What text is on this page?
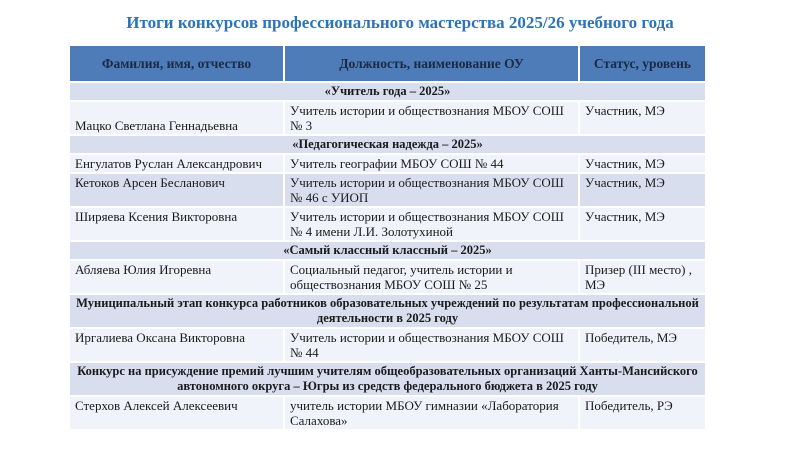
Итоги конкурсов профессионального мастерства 2025/26 учебного года
Фамилия, имя, отчество	Должность, наименование ОУ	Статус, уровень
«Учитель года – 2025»		
Мацко Светлана Геннадьевна	Учитель истории и обществознания МБОУ СОШ № 3	Участник, МЭ
«Педагогическая надежда – 2025»		
Енгулатов Руслан Александрович	Учитель географии МБОУ СОШ № 44	Участник, МЭ
Кетоков Арсен Бесланович	Учитель истории и обществознания МБОУ СОШ № 46 с УИОП	Участник, МЭ
Ширяева Ксения Викторовна	Учитель истории и обществознания МБОУ СОШ № 4 имени Л.И. Золотухиной	Участник, МЭ
«Самый классный классный – 2025»		
Абляева Юлия Игоревна	Социальный педагог, учитель истории и обществознания МБОУ СОШ № 25	Призер (III место) , МЭ
Муниципальный этап конкурса работников образовательных учреждений по результатам профессиональной деятельности в 2025 году		
Иргалиева Оксана Викторовна	Учитель истории и обществознания МБОУ СОШ № 44	Победитель, МЭ
Конкурс на присуждение премий лучшим учителям общеобразовательных организаций Ханты-Мансийского автономного округа – Югры из средств федерального бюджета в 2025 году		
Стерхов Алексей Алексеевич	учитель истории МБОУ гимназии «Лаборатория Салахова»	Победитель, РЭ
